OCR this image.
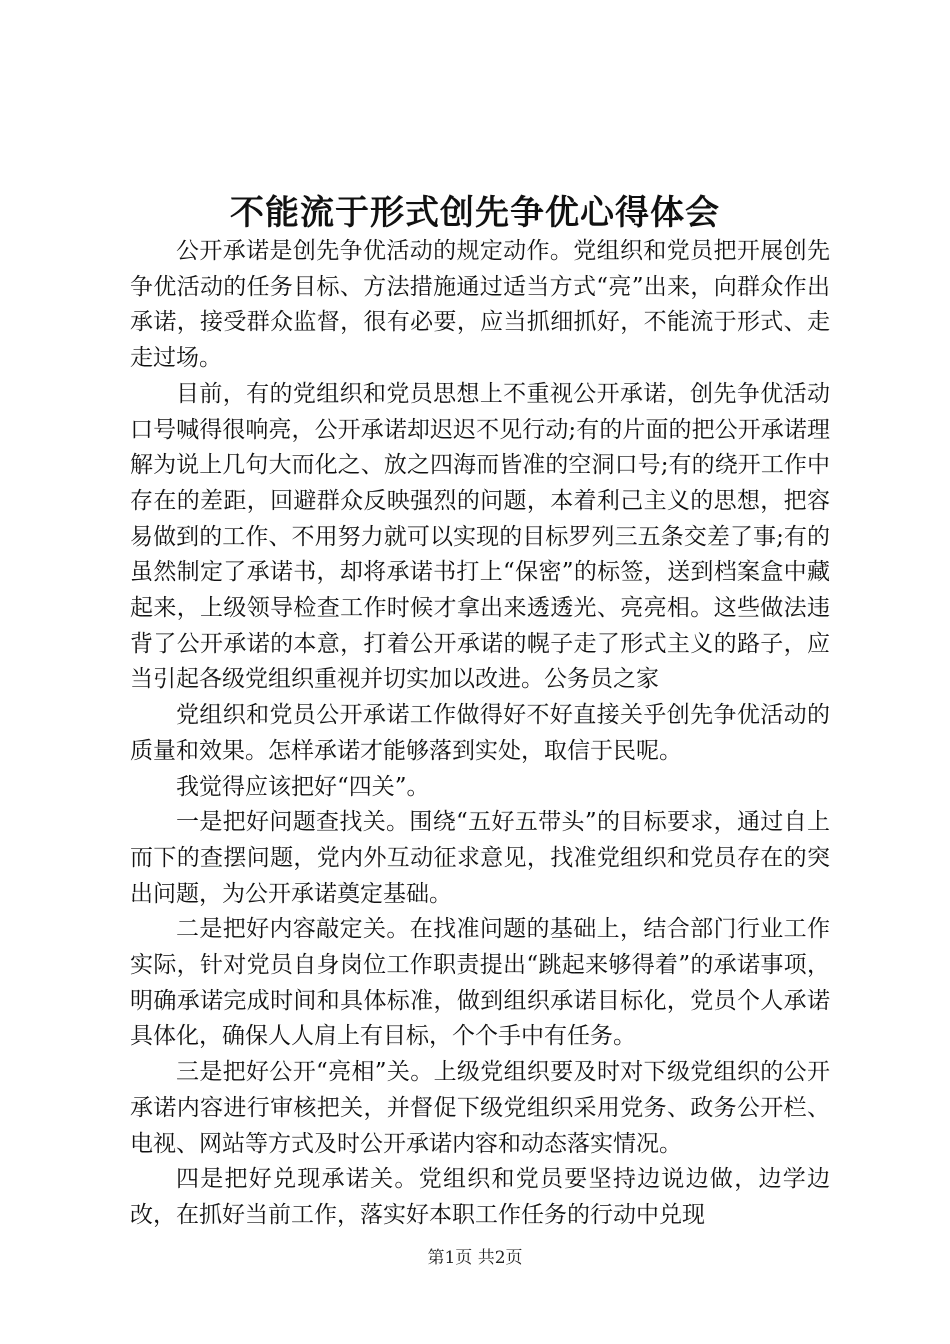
不能流于形式创先争优心得体会

公开承诺是创先争优活动的规定动作。党组织和党员把开展创先争优活动的任务目标、方法措施通过适当方式“亮”出来，向群众作出承诺，接受群众监督，很有必要，应当抓细抓好，不能流于形式、走走过场。

目前，有的党组织和党员思想上不重视公开承诺，创先争优活动口号喊得很响亮，公开承诺却迟迟不见行动;有的片面的把公开承诺理解为说上几句大而化之、放之四海而皆准的空洞口号;有的绕开工作中存在的差距，回避群众反映强烈的问题，本着利己主义的思想，把容易做到的工作、不用努力就可以实现的目标罗列三五条交差了事;有的虽然制定了承诺书，却将承诺书打上“保密”的标签，送到档案盒中藏起来，上级领导检查工作时候才拿出来透透光、亮亮相。这些做法违背了公开承诺的本意，打着公开承诺的幌子走了形式主义的路子，应当引起各级党组织重视并切实加以改进。公务员之家

党组织和党员公开承诺工作做得好不好直接关乎创先争优活动的质量和效果。怎样承诺才能够落到实处，取信于民呢。

我觉得应该把好“四关”。

一是把好问题查找关。围绕“五好五带头”的目标要求，通过自上而下的查摆问题，党内外互动征求意见，找准党组织和党员存在的突出问题，为公开承诺奠定基础。

二是把好内容敲定关。在找准问题的基础上，结合部门行业工作实际，针对党员自身岗位工作职责提出“跳起来够得着”的承诺事项，明确承诺完成时间和具体标准，做到组织承诺目标化，党员个人承诺具体化，确保人人肩上有目标，个个手中有任务。

三是把好公开“亮相”关。上级党组织要及时对下级党组织的公开承诺内容进行审核把关，并督促下级党组织采用党务、政务公开栏、电视、网站等方式及时公开承诺内容和动态落实情况。

四是把好兑现承诺关。党组织和党员要坚持边说边做，边学边改，在抓好当前工作，落实好本职工作任务的行动中兑现

第1页 共2页
